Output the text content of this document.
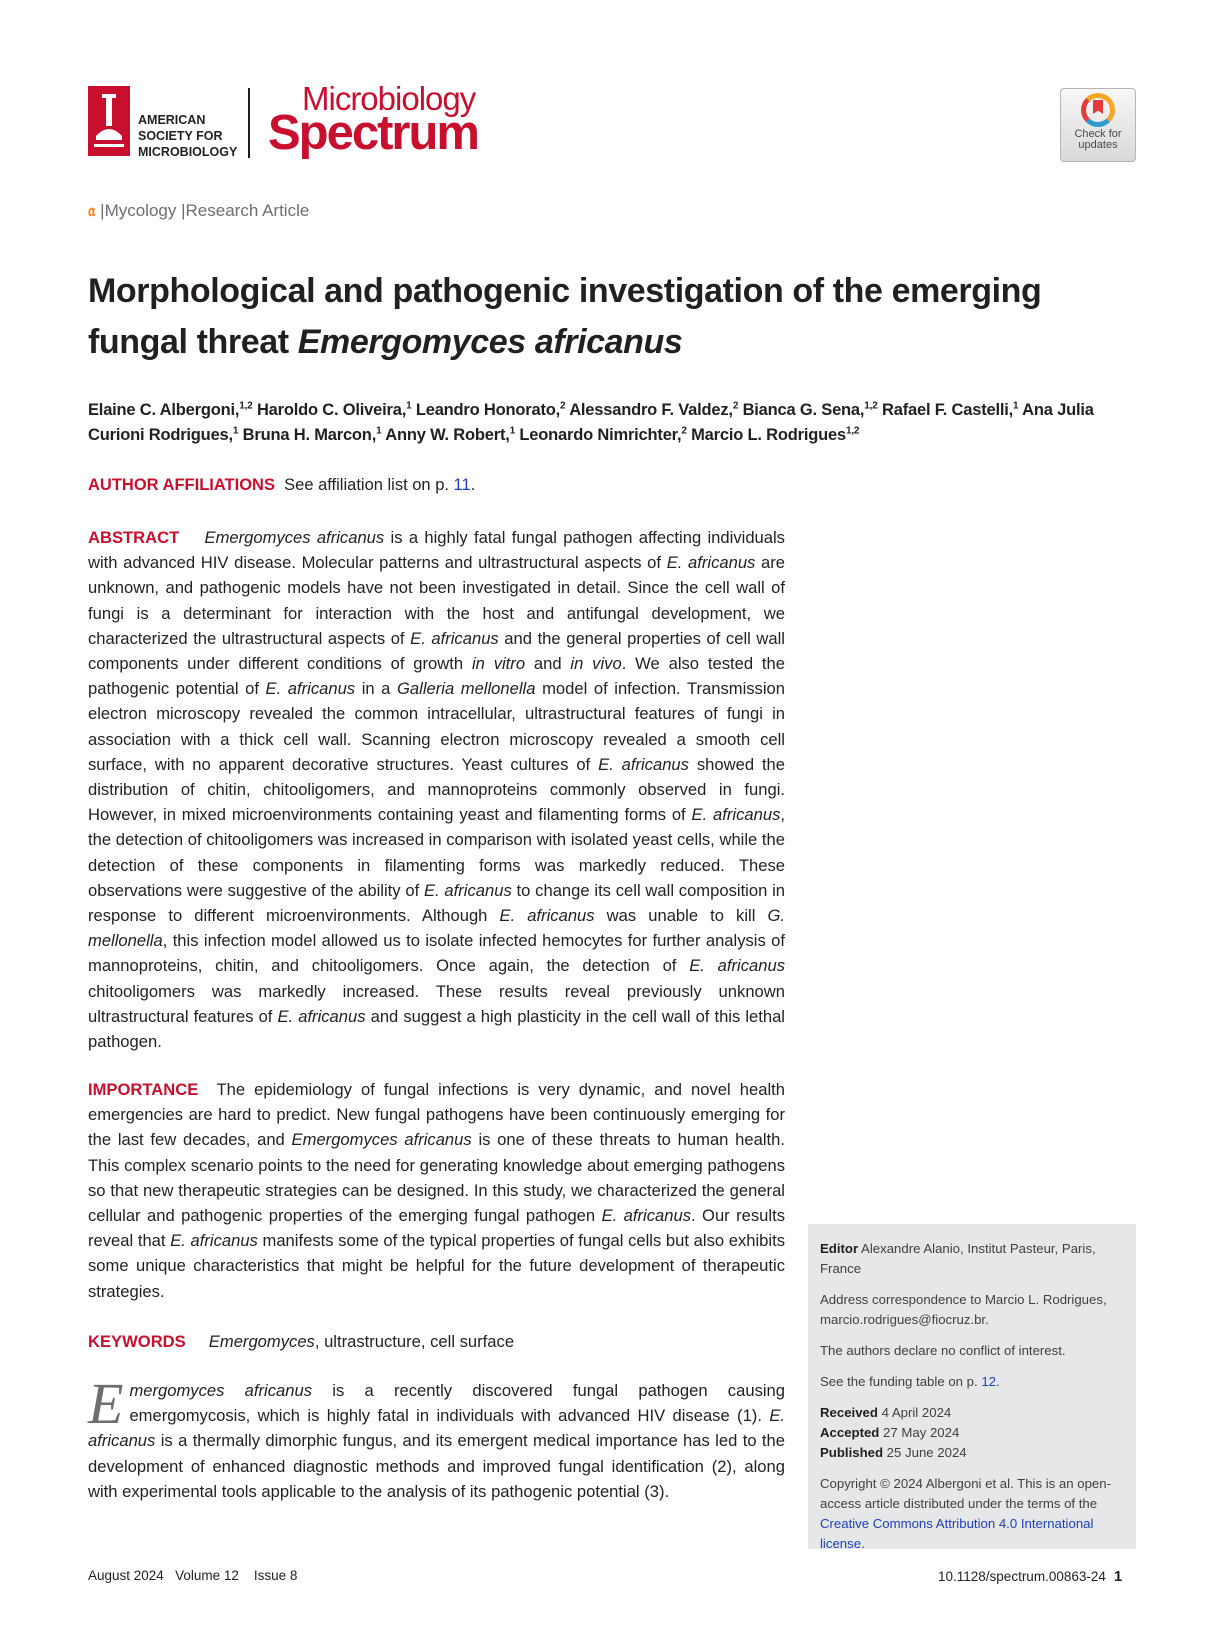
AMERICAN
SOCIETY FOR
MICROBIOLOGY
Microbiology
Spectrum	Check for
updates
𝔞 |Mycology |Research Article
Morphological and pathogenic investigation of the emerging fungal threat Emergomyces africanus
Elaine C. Albergoni,$^{1,2}$ Haroldo C. Oliveira,$^1$ Leandro Honorato,$^2$ Alessandro F. Valdez,$^2$ Bianca G. Sena,$^{1,2}$ Rafael F. Castelli,$^1$ Ana Julia Curioni Rodrigues,$^1$ Bruna H. Marcon,$^1$ Anny W. Robert,$^1$ Leonardo Nimrichter,$^2$ Marcio L. Rodrigues$^{1,2}$
AUTHOR AFFILIATIONS See affiliation list on p. 11.
ABSTRACT Emergomyces africanus is a highly fatal fungal pathogen affecting individuals with advanced HIV disease. Molecular patterns and ultrastructural aspects of E. africanus are unknown, and pathogenic models have not been investigated in detail. Since the cell wall of fungi is a determinant for interaction with the host and antifungal development, we characterized the ultrastructural aspects of E. africanus and the general properties of cell wall components under different conditions of growth in vitro and in vivo. We also tested the pathogenic potential of E. africanus in a Galleria mellonella model of infection. Transmission electron microscopy revealed the common intracellular, ultrastructural features of fungi in association with a thick cell wall. Scanning electron microscopy revealed a smooth cell surface, with no apparent decorative structures. Yeast cultures of E. africanus showed the distribution of chitin, chitooligomers, and mannoproteins commonly observed in fungi. However, in mixed microenvironments containing yeast and filamenting forms of E. africanus, the detection of chitooligomers was increased in comparison with isolated yeast cells, while the detection of these components in filamenting forms was markedly reduced. These observations were suggestive of the ability of E. africanus to change its cell wall composition in response to different microenvironments. Although E. africanus was unable to kill G. mellonella, this infection model allowed us to isolate infected hemocytes for further analysis of mannoproteins, chitin, and chitooligomers. Once again, the detection of E. africanus chitooligomers was markedly increased. These results reveal previously unknown ultrastructural features of E. africanus and suggest a high plasticity in the cell wall of this lethal pathogen.
IMPORTANCE The epidemiology of fungal infections is very dynamic, and novel health emergencies are hard to predict. New fungal pathogens have been continuously emerging for the last few decades, and Emergomyces africanus is one of these threats to human health. This complex scenario points to the need for generating knowledge about emerging pathogens so that new therapeutic strategies can be designed. In this study, we characterized the general cellular and pathogenic properties of the emerging fungal pathogen E. africanus. Our results reveal that E. africanus manifests some of the typical properties of fungal cells but also exhibits some unique characteristics that might be helpful for the future development of therapeutic strategies.
KEYWORDS Emergomyces, ultrastructure, cell surface
Emergomyces africanus is a recently discovered fungal pathogen causing emergomycosis, which is highly fatal in individuals with advanced HIV disease (1). E. africanus is a thermally dimorphic fungus, and its emergent medical importance has led to the development of enhanced diagnostic methods and improved fungal identification (2), along with experimental tools applicable to the analysis of its pathogenic potential (3).

Editor Alexandre Alanio, Institut Pasteur, Paris, France

Address correspondence to Marcio L. Rodrigues, marcio.rodrigues@fiocruz.br.

The authors declare no conflict of interest.

See the funding table on p. 12.

Received 4 April 2024
Accepted 27 May 2024
Published 25 June 2024

Copyright © 2024 Albergoni et al. This is an open-access article distributed under the terms of the Creative Commons Attribution 4.0 International license.

August 2024 Volume 12 Issue 8	10.1128/spectrum.00863-24 1
